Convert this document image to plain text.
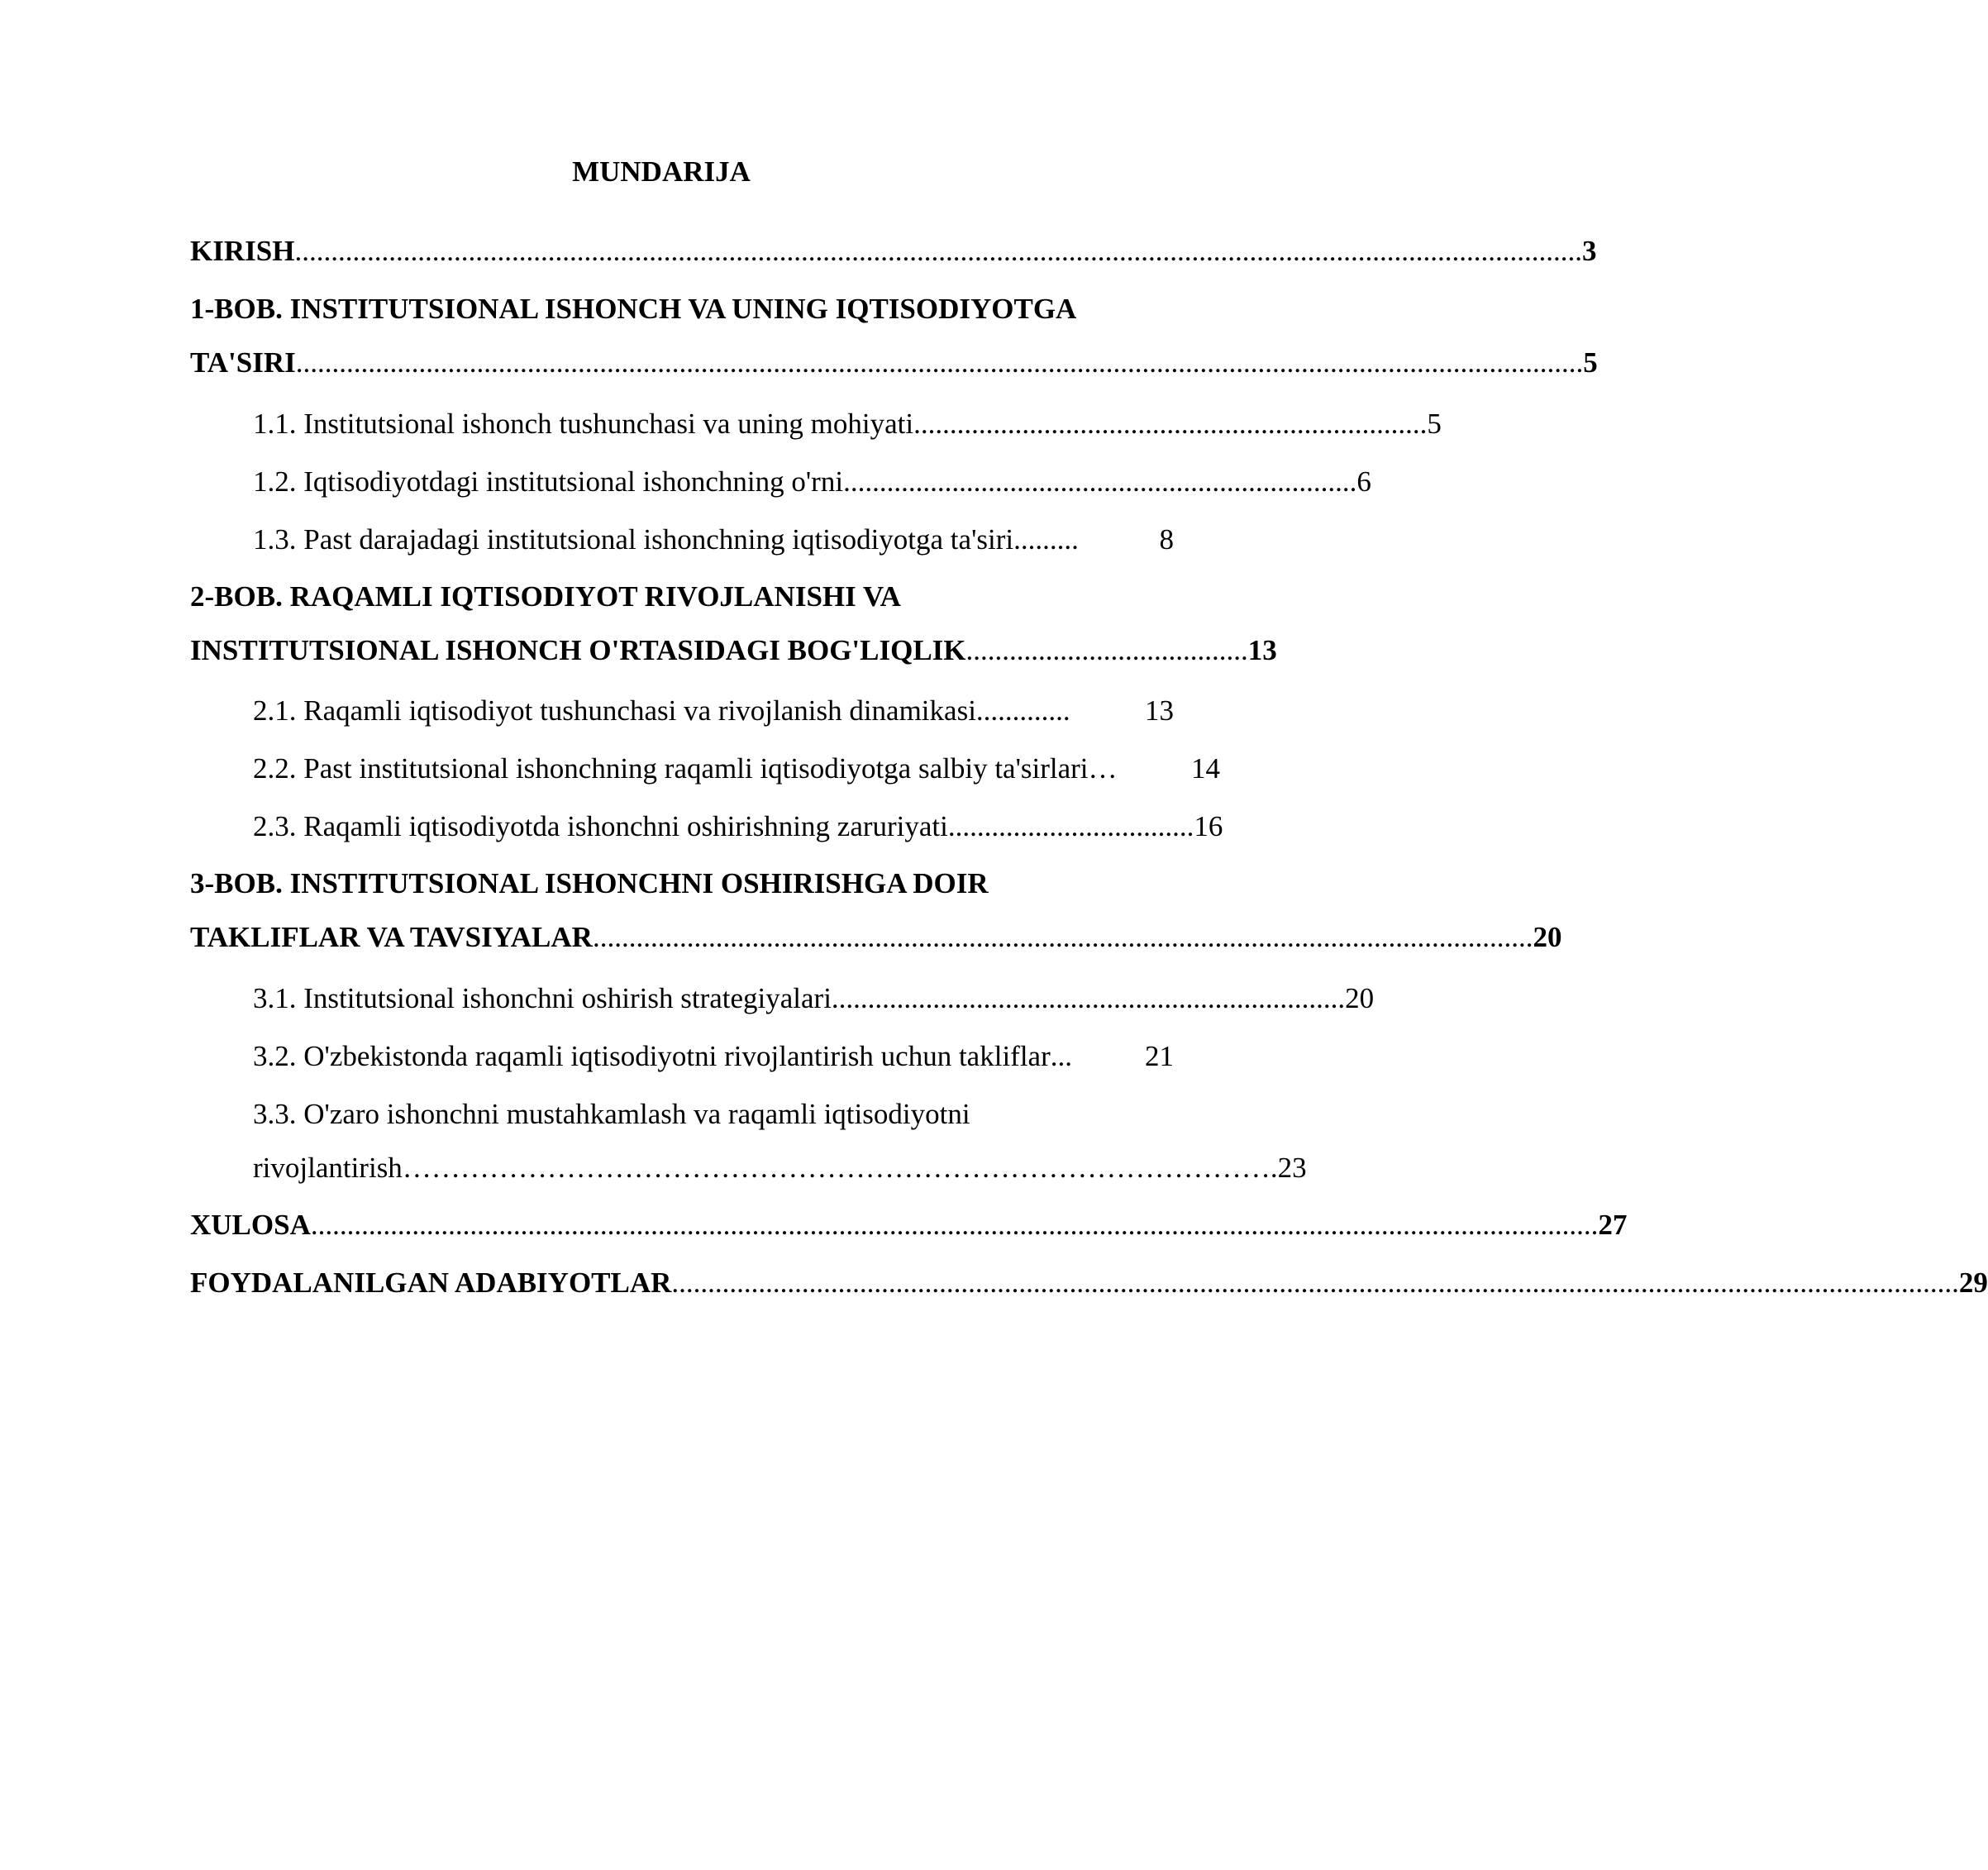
MUNDARIJA
KIRISH .................................................................................................................................................................................. 3
1-BOB. INSTITUTSIONAL ISHONCH VA UNING IQTISODIYOTGA
TA'SIRI .................................................................................................................................................................................. 5
1.1. Institutsional ishonch tushunchasi va uning mohiyati ....................................................................... 5
1.2. Iqtisodiyotdagi institutsional ishonchning o'rni ....................................................................... 6
1.3. Past darajadagi institutsional ishonchning iqtisodiyotga ta'siri .........	8
2-BOB. RAQAMLI IQTISODIYOT RIVOJLANISHI VA
INSTITUTSIONAL ISHONCH O'RTASIDAGI BOG'LIQLIK ....................................... 13
2.1. Raqamli iqtisodiyot tushunchasi va rivojlanish dinamikasi .............	13
2.2. Past institutsional ishonchning raqamli iqtisodiyotga salbiy ta'sirlari …	14
2.3. Raqamli iqtisodiyotda ishonchni oshirishning zaruriyati .................................. 16
3-BOB. INSTITUTSIONAL ISHONCHNI OSHIRISHGA DOIR
TAKLIFLAR VA TAVSIYALAR .................................................................................................................................. 20
3.1. Institutsional ishonchni oshirish strategiyalari ....................................................................... 20
3.2. O'zbekistonda raqamli iqtisodiyotni rivojlantirish uchun takliflar ...	21
3.3. O'zaro ishonchni mustahkamlash va raqamli iqtisodiyotni
rivojlantirish ………………………………………………………………………………. 23
XULOSA .................................................................................................................................................................................. 27
FOYDALANILGAN ADABIYOTLAR .................................................................................................................................................................................. 29
